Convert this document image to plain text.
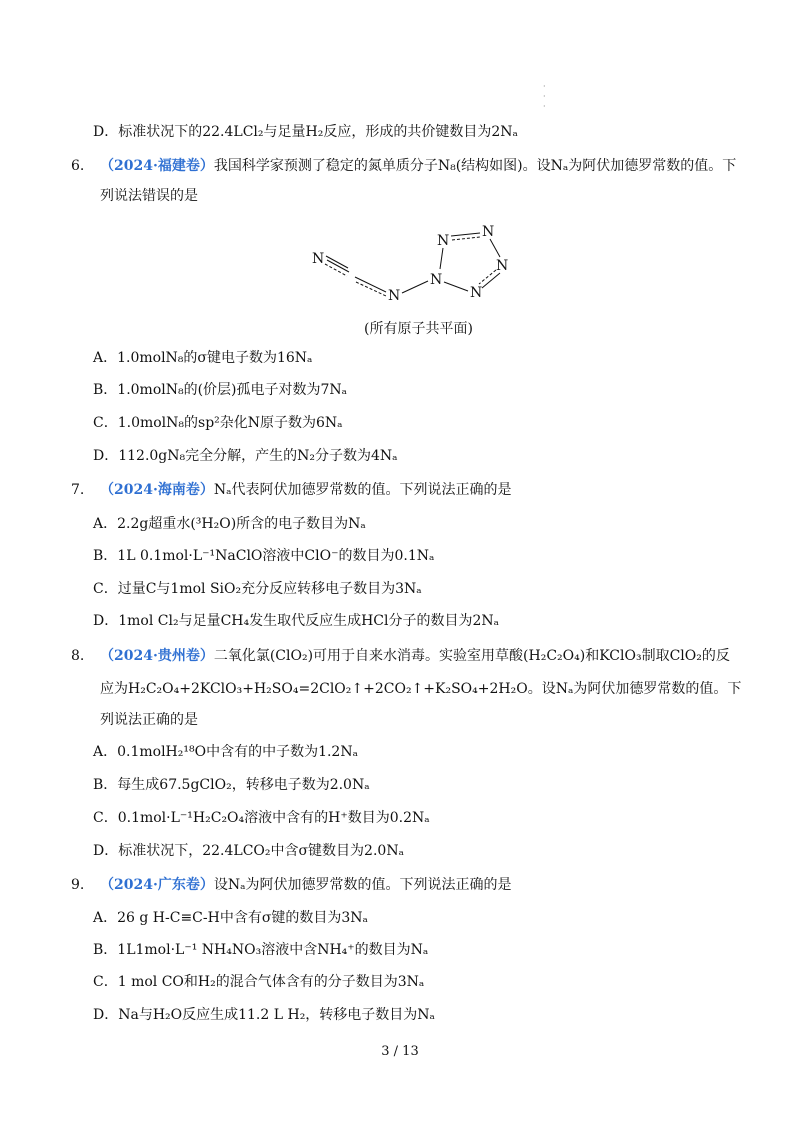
·
·
·
D．标准状况下的22.4LCl₂与足量H₂反应，形成的共价键数目为2Nₐ
6. （2024·福建卷）我国科学家预测了稳定的氮单质分子N₈(结构如图)。设Nₐ为阿伏加德罗常数的值。下
列说法错误的是
N
N
N
N
N
N
N
(所有原子共平面)
A．1.0molN₈的σ键电子数为16Nₐ
B．1.0molN₈的(价层)孤电子对数为7Nₐ
C．1.0molN₈的sp²杂化N原子数为6Nₐ
D．112.0gN₈完全分解，产生的N₂分子数为4Nₐ
7. （2024·海南卷）Nₐ代表阿伏加德罗常数的值。下列说法正确的是
A．2.2g超重水(³H₂O)所含的电子数目为Nₐ
B．1L 0.1mol·L⁻¹NaClO溶液中ClO⁻的数目为0.1Nₐ
C．过量C与1mol SiO₂充分反应转移电子数目为3Nₐ
D．1mol Cl₂与足量CH₄发生取代反应生成HCl分子的数目为2Nₐ
8. （2024·贵州卷）二氧化氯(ClO₂)可用于自来水消毒。实验室用草酸(H₂C₂O₄)和KClO₃制取ClO₂的反
应为H₂C₂O₄+2KClO₃+H₂SO₄=2ClO₂↑+2CO₂↑+K₂SO₄+2H₂O。设Nₐ为阿伏加德罗常数的值。下
列说法正确的是
A．0.1molH₂¹⁸O中含有的中子数为1.2Nₐ
B．每生成67.5gClO₂，转移电子数为2.0Nₐ
C．0.1mol·L⁻¹H₂C₂O₄溶液中含有的H⁺数目为0.2Nₐ
D．标准状况下，22.4LCO₂中含σ键数目为2.0Nₐ
9. （2024·广东卷）设Nₐ为阿伏加德罗常数的值。下列说法正确的是
A．26 g H-C≡C-H中含有σ键的数目为3Nₐ
B．1L1mol·L⁻¹ NH₄NO₃溶液中含NH₄⁺的数目为Nₐ
C．1 mol CO和H₂的混合气体含有的分子数目为3Nₐ
D．Na与H₂O反应生成11.2 L H₂，转移电子数目为Nₐ
3 / 13
